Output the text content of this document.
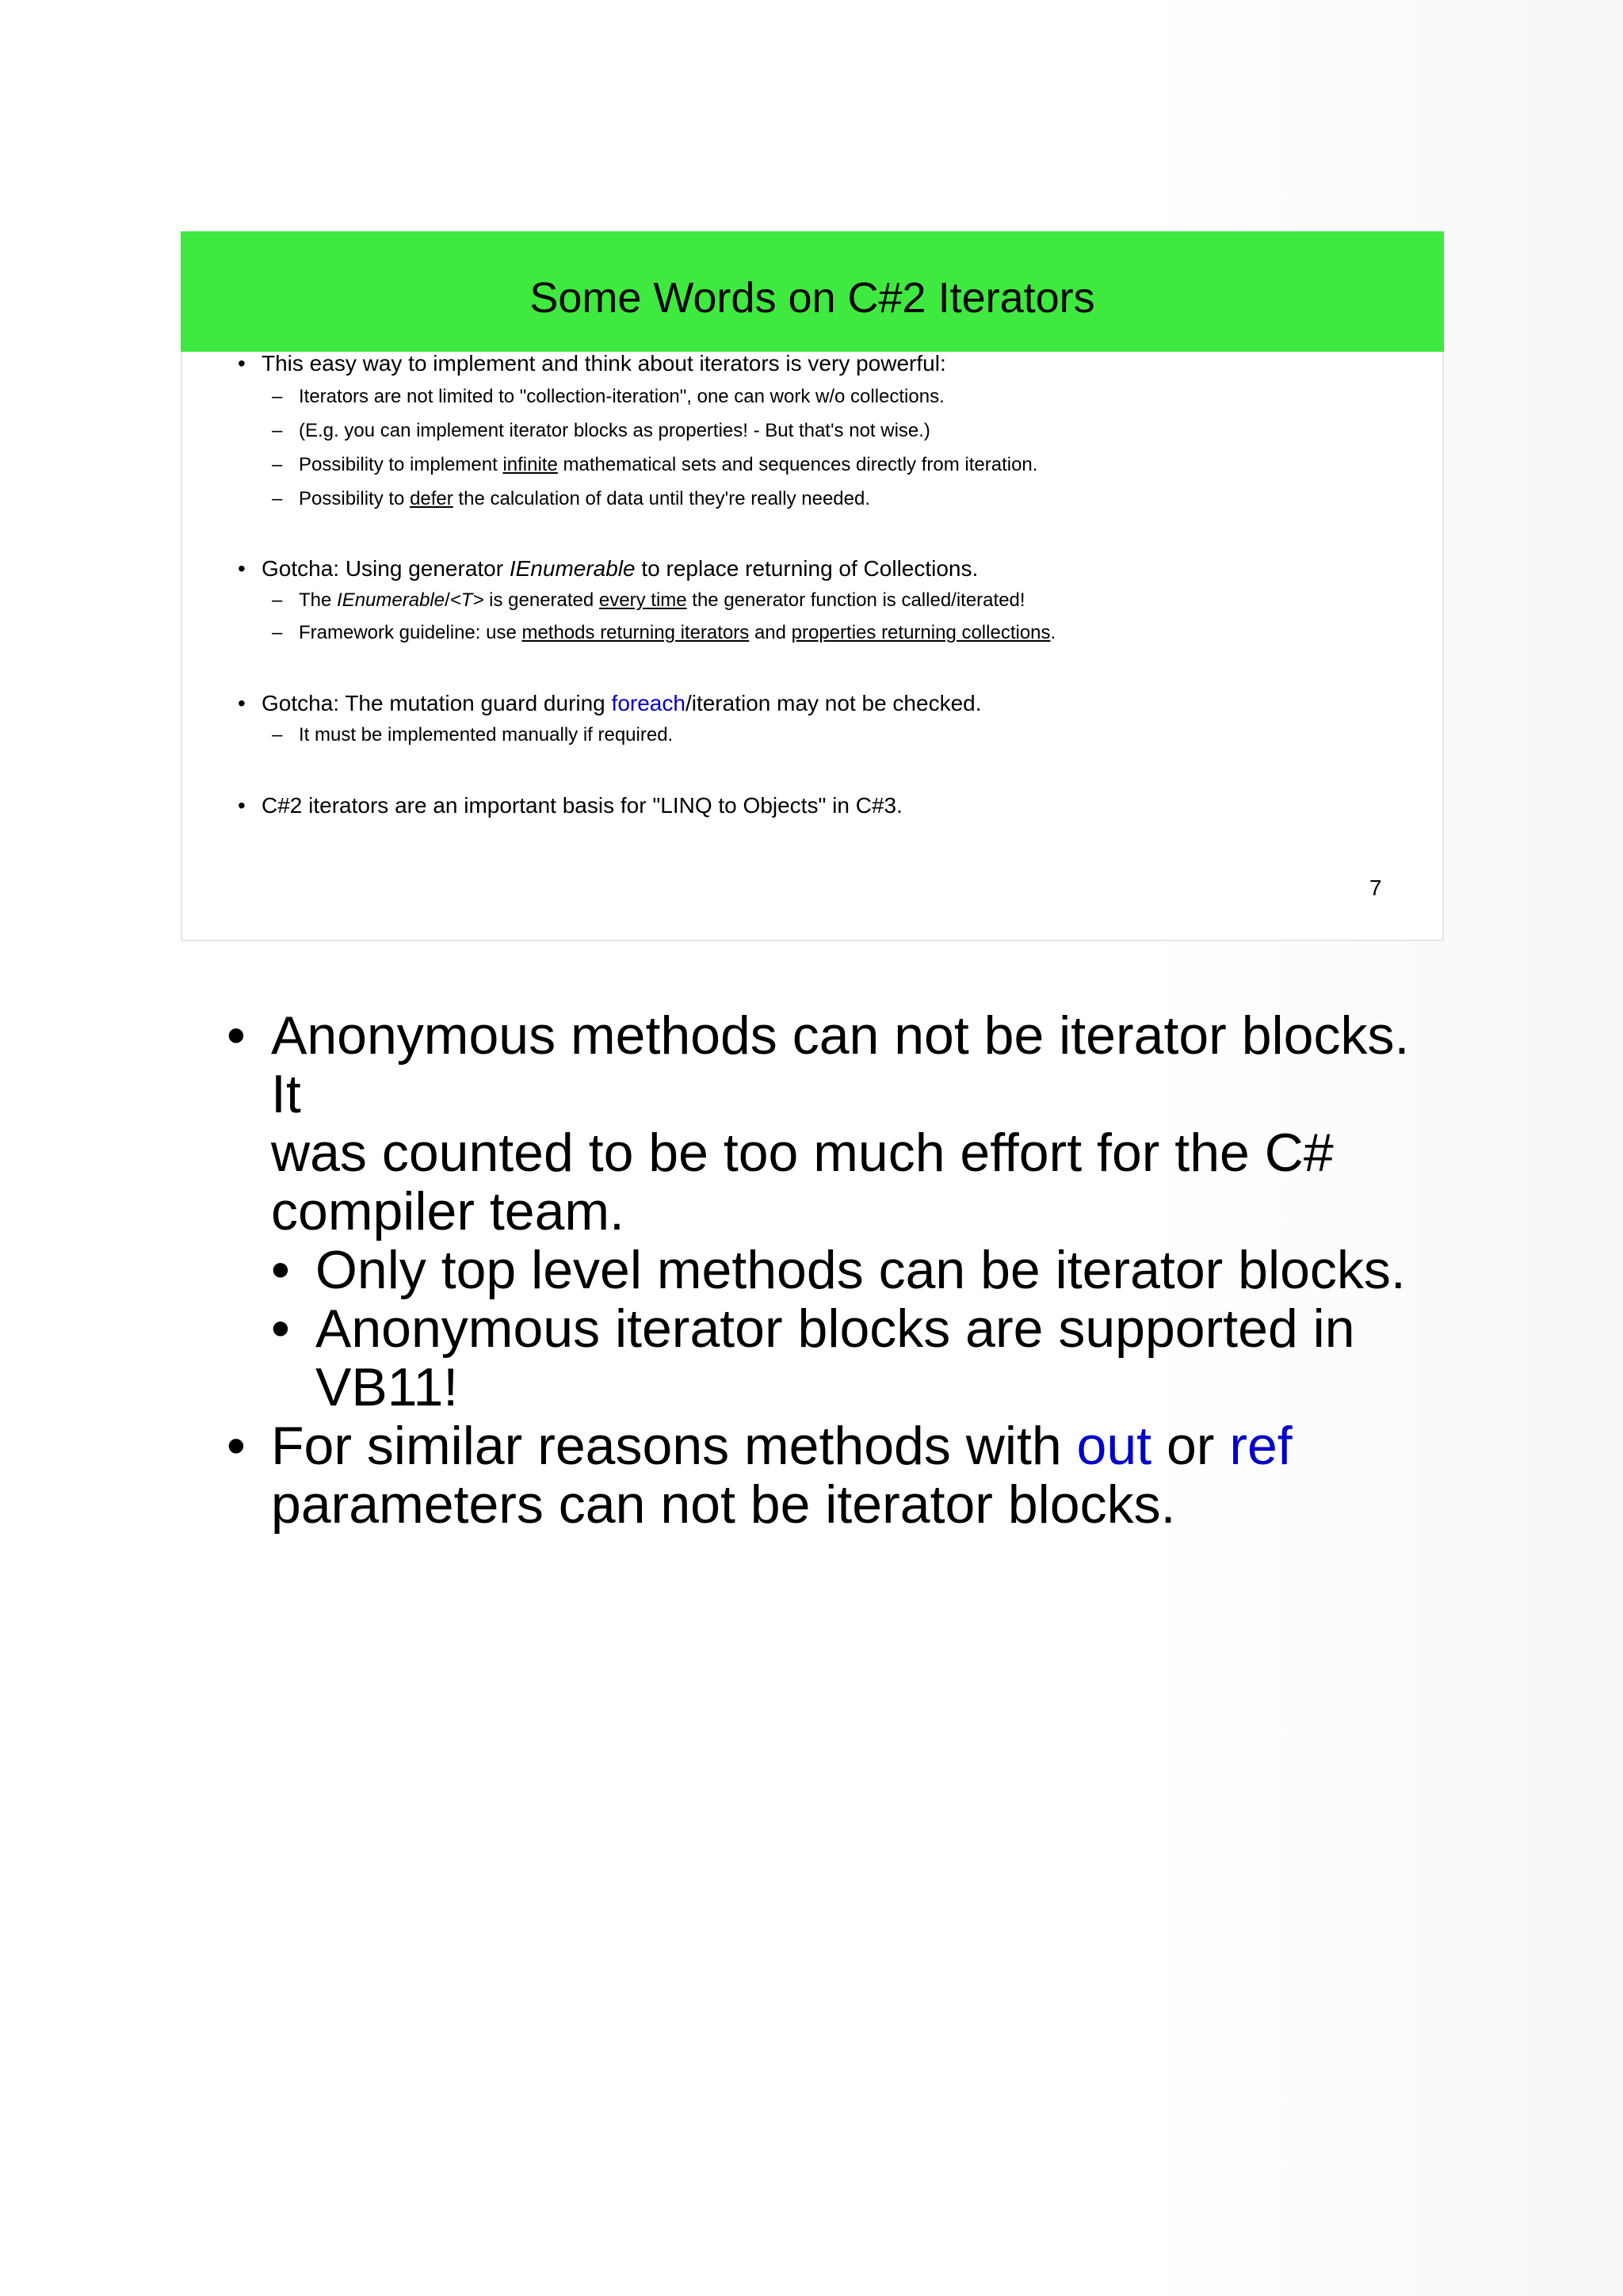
Some Words on C#2 Iterators
• This easy way to implement and think about iterators is very powerful:
– Iterators are not limited to "collection-iteration", one can work w/o collections.
– (E.g. you can implement iterator blocks as properties! - But that's not wise.)
– Possibility to implement infinite mathematical sets and sequences directly from iteration.
– Possibility to defer the calculation of data until they're really needed.
• Gotcha: Using generator IEnumerable to replace returning of Collections.
– The IEnumerable/<T> is generated every time the generator function is called/iterated!
– Framework guideline: use methods returning iterators and properties returning collections.
• Gotcha: The mutation guard during foreach/iteration may not be checked.
– It must be implemented manually if required.
• C#2 iterators are an important basis for "LINQ to Objects" in C#3.
7
• Anonymous methods can not be iterator blocks. It
was counted to be too much effort for the C#
compiler team.
• Only top level methods can be iterator blocks.
• Anonymous iterator blocks are supported in
VB11!
• For similar reasons methods with out or ref
parameters can not be iterator blocks.
